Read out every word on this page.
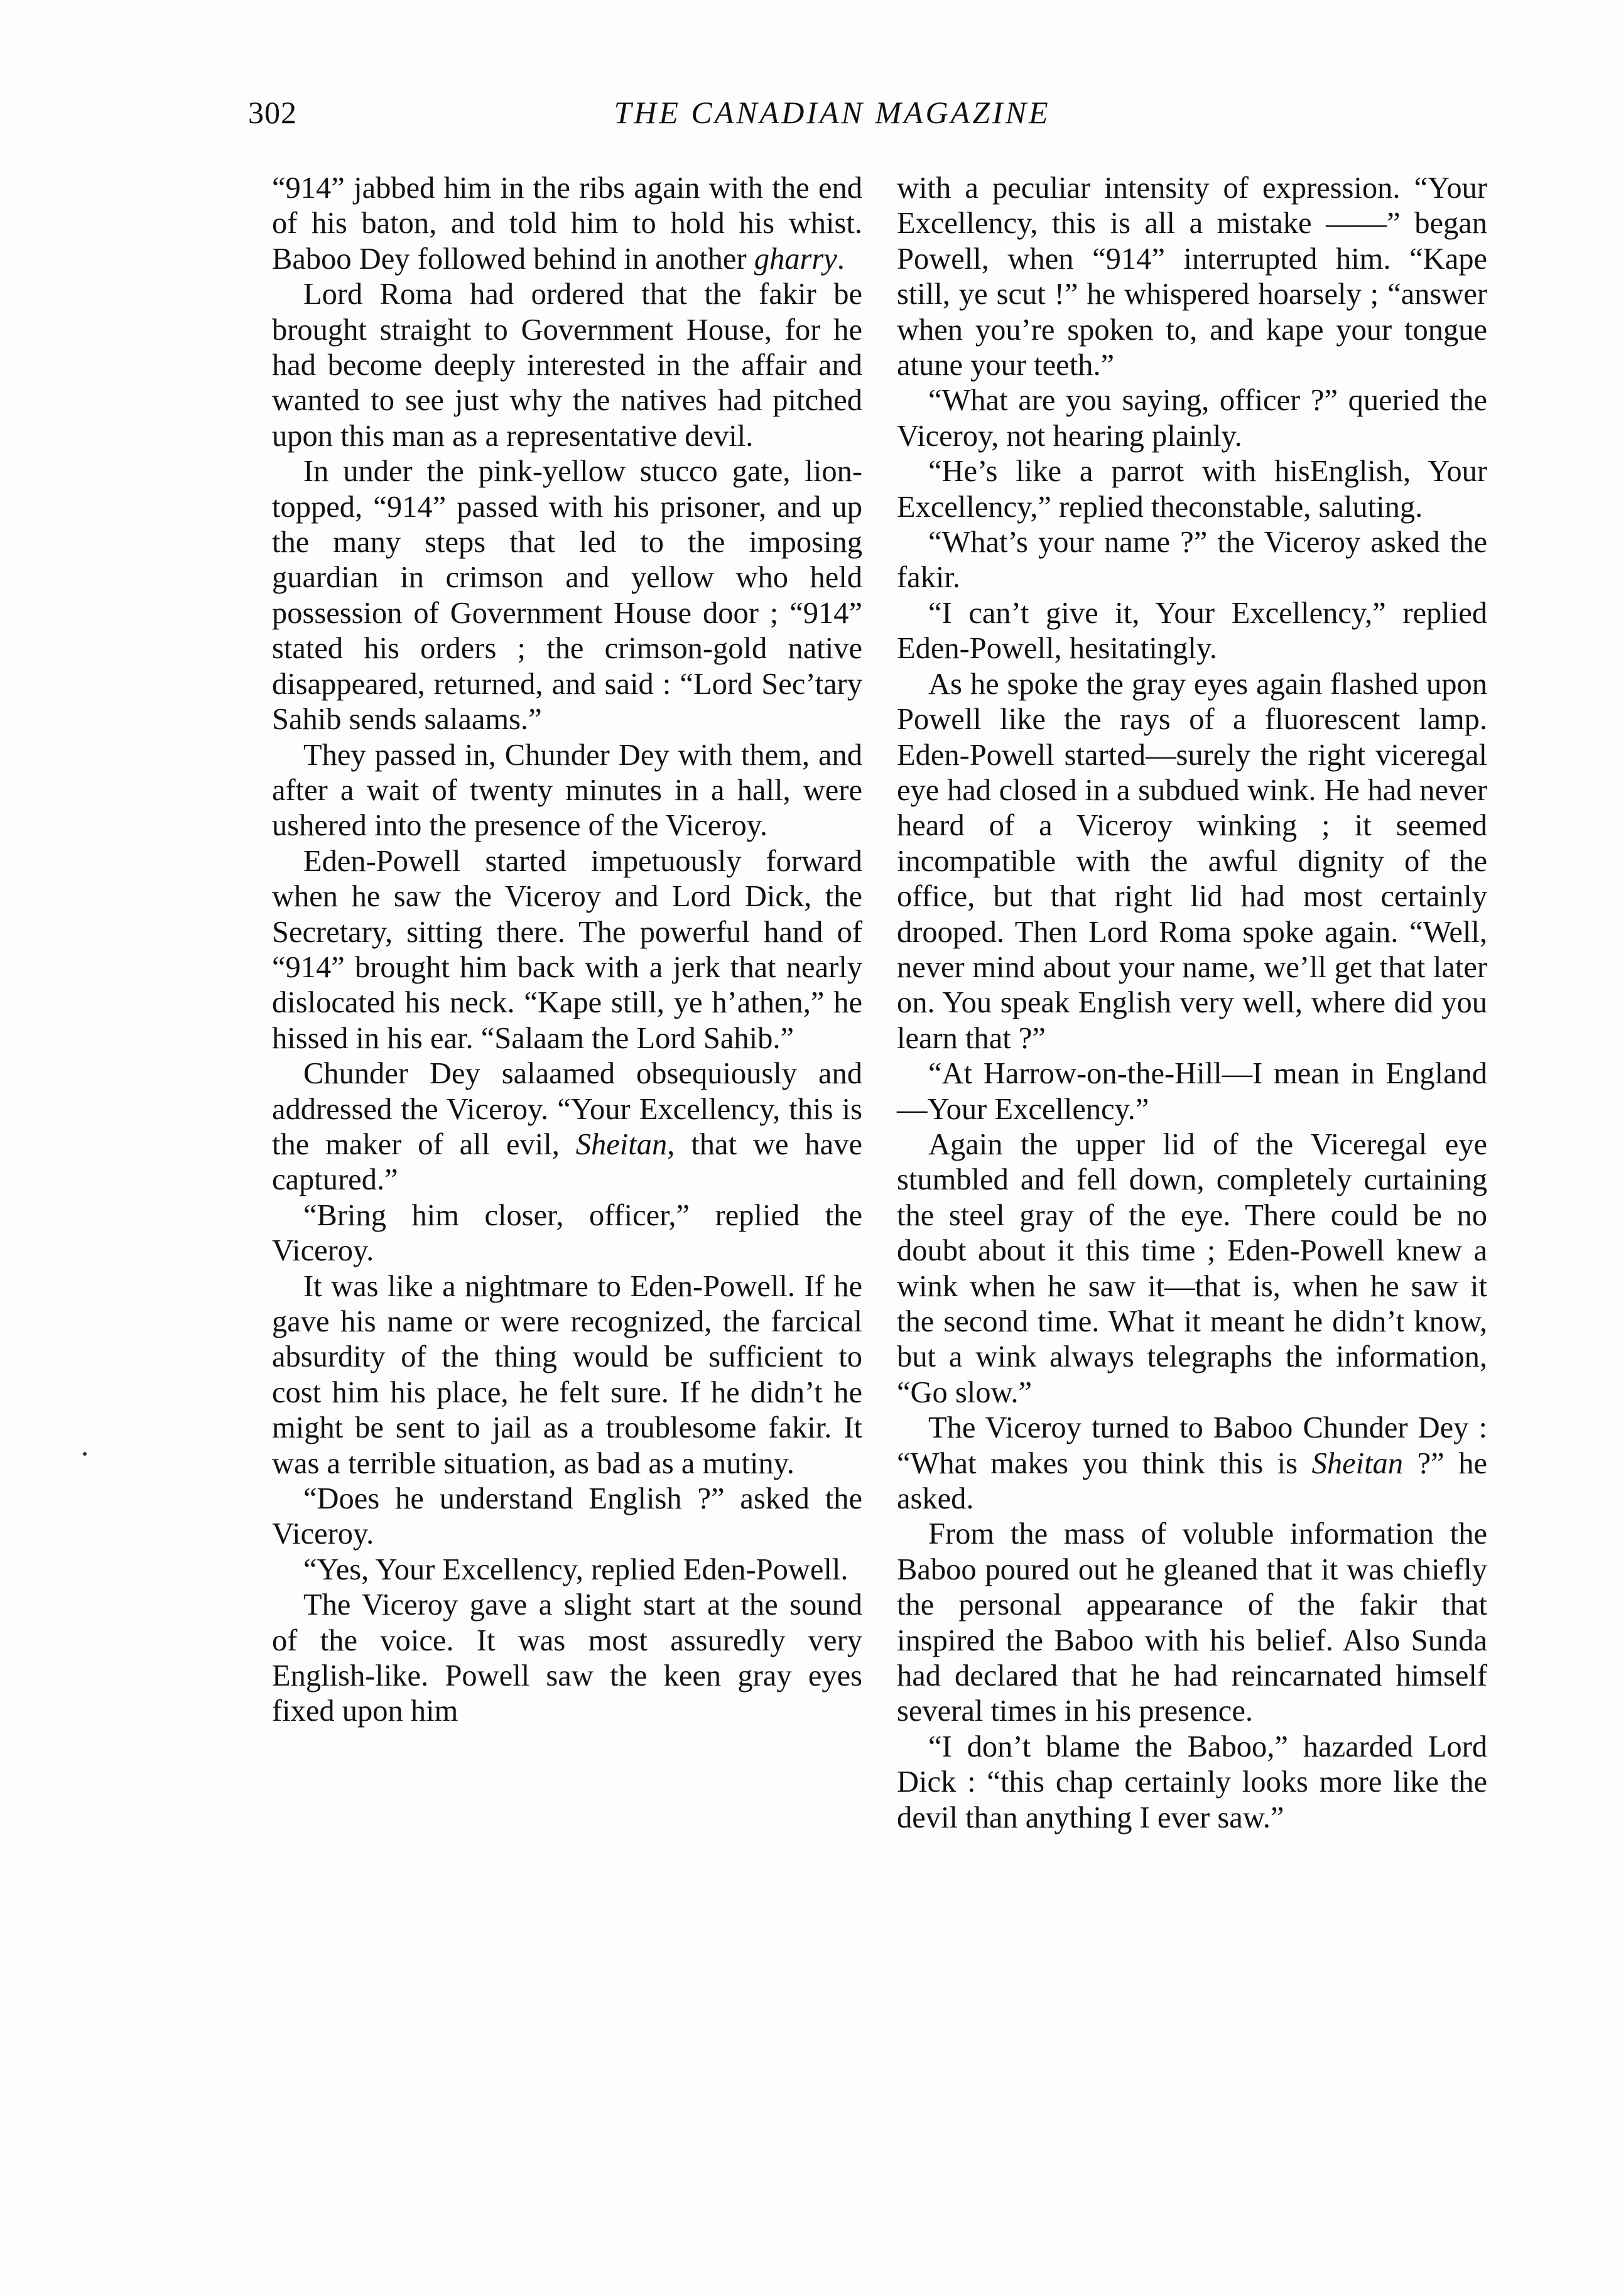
302	THE CANADIAN MAGAZINE

“914” jabbed him in the ribs again with the end of his baton, and told him to hold his whist. Baboo Dey followed behind in another gharry.

Lord Roma had ordered that the fakir be brought straight to Government House, for he had become deeply interested in the affair and wanted to see just why the natives had pitched upon this man as a representative devil.

In under the pink-yellow stucco gate, lion-topped, “914” passed with his prisoner, and up the many steps that led to the imposing guardian in crimson and yellow who held possession of Government House door ; “914” stated his orders ; the crimson-gold native disappeared, returned, and said : “Lord Sec’tary Sahib sends salaams.”

They passed in, Chunder Dey with them, and after a wait of twenty minutes in a hall, were ushered into the presence of the Viceroy.

Eden-Powell started impetuously forward when he saw the Viceroy and Lord Dick, the Secretary, sitting there. The powerful hand of “914” brought him back with a jerk that nearly dislocated his neck. “Kape still, ye h’athen,” he hissed in his ear. “Salaam the Lord Sahib.”

Chunder Dey salaamed obsequiously and addressed the Viceroy. “Your Excellency, this is the maker of all evil, Sheitan, that we have captured.”

“Bring him closer, officer,” replied the Viceroy.

It was like a nightmare to Eden-Powell. If he gave his name or were recognized, the farcical absurdity of the thing would be sufficient to cost him his place, he felt sure. If he didn’t he might be sent to jail as a troublesome fakir. It was a terrible situation, as bad as a mutiny.

“Does he understand English ?” asked the Viceroy.

“Yes, Your Excellency, replied Eden-Powell.

The Viceroy gave a slight start at the sound of the voice. It was most assuredly very English-like. Powell saw the keen gray eyes fixed upon him

with a peculiar intensity of expression. “Your Excellency, this is all a mistake ——” began Powell, when “914” interrupted him. “Kape still, ye scut !” he whispered hoarsely ; “answer when you’re spoken to, and kape your tongue atune your teeth.”

“What are you saying, officer ?” queried the Viceroy, not hearing plainly.

“He’s like a parrot with hisEnglish, Your Excellency,” replied theconstable, saluting.

“What’s your name ?” the Viceroy asked the fakir.

“I can’t give it, Your Excellency,” replied Eden-Powell, hesitatingly.

As he spoke the gray eyes again flashed upon Powell like the rays of a fluorescent lamp. Eden-Powell started—surely the right viceregal eye had closed in a subdued wink. He had never heard of a Viceroy winking ; it seemed incompatible with the awful dignity of the office, but that right lid had most certainly drooped. Then Lord Roma spoke again. “Well, never mind about your name, we’ll get that later on. You speak English very well, where did you learn that ?”

“At Harrow-on-the-Hill—I mean in England—Your Excellency.”

Again the upper lid of the Viceregal eye stumbled and fell down, completely curtaining the steel gray of the eye. There could be no doubt about it this time ; Eden-Powell knew a wink when he saw it—that is, when he saw it the second time. What it meant he didn’t know, but a wink always telegraphs the information, “Go slow.”

The Viceroy turned to Baboo Chunder Dey : “What makes you think this is Sheitan ?” he asked.

From the mass of voluble information the Baboo poured out he gleaned that it was chiefly the personal appearance of the fakir that inspired the Baboo with his belief. Also Sunda had declared that he had reincarnated himself several times in his presence.

“I don’t blame the Baboo,” hazarded Lord Dick : “this chap certainly looks more like the devil than anything I ever saw.”
